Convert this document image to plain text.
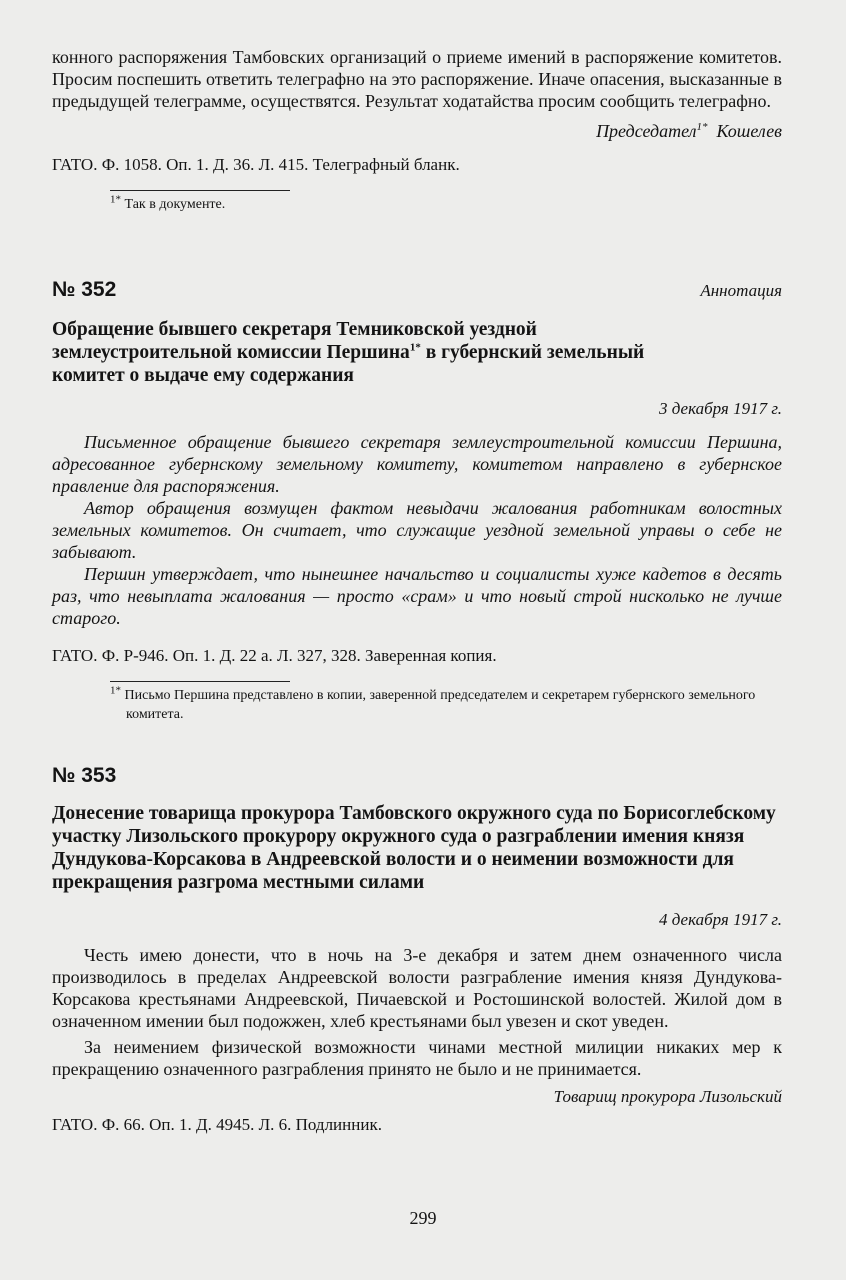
конного распоряжения Тамбовских организаций о приеме имений в распоряжение комитетов. Просим поспешить ответить телеграфно на это распоряжение. Иначе опасения, высказанные в предыдущей телеграмме, осуществятся. Результат ходатайства просим сообщить телеграфно.

Председател$^{1*}$ Кошелев

ГАТО. Ф. 1058. Оп. 1. Д. 36. Л. 415. Телеграфный бланк.

$^{1*}$ Так в документе.

№ 352	Аннотация

Обращение бывшего секретаря Темниковской уездной землеустроительной комиссии Першина$^{1*}$ в губернский земельный комитет о выдаче ему содержания

3 декабря 1917 г.

Письменное обращение бывшего секретаря землеустроительной комиссии Першина, адресованное губернскому земельному комитету, комитетом направлено в губернское правление для распоряжения.

Автор обращения возмущен фактом невыдачи жалования работникам волостных земельных комитетов. Он считает, что служащие уездной земельной управы о себе не забывают.

Першин утверждает, что нынешнее начальство и социалисты хуже кадетов в десять раз, что невыплата жалования — просто «срам» и что новый строй нисколько не лучше старого.

ГАТО. Ф. Р-946. Оп. 1. Д. 22 а. Л. 327, 328. Заверенная копия.

$^{1*}$ Письмо Першина представлено в копии, заверенной председателем и секретарем губернского земельного комитета.

№ 353

Донесение товарища прокурора Тамбовского окружного суда по Борисоглебскому участку Лизольского прокурору окружного суда о разграблении имения князя Дундукова-Корсакова в Андреевской волости и о неимении возможности для прекращения разгрома местными силами

4 декабря 1917 г.

Честь имею донести, что в ночь на 3-е декабря и затем днем означенного числа производилось в пределах Андреевской волости разграбление имения князя Дундукова-Корсакова крестьянами Андреевской, Пичаевской и Ростошинской волостей. Жилой дом в означенном имении был подожжен, хлеб крестьянами был увезен и скот уведен.

За неимением физической возможности чинами местной милиции никаких мер к прекращению означенного разграбления принято не было и не принимается.

Товарищ прокурора Лизольский

ГАТО. Ф. 66. Оп. 1. Д. 4945. Л. 6. Подлинник.

299
